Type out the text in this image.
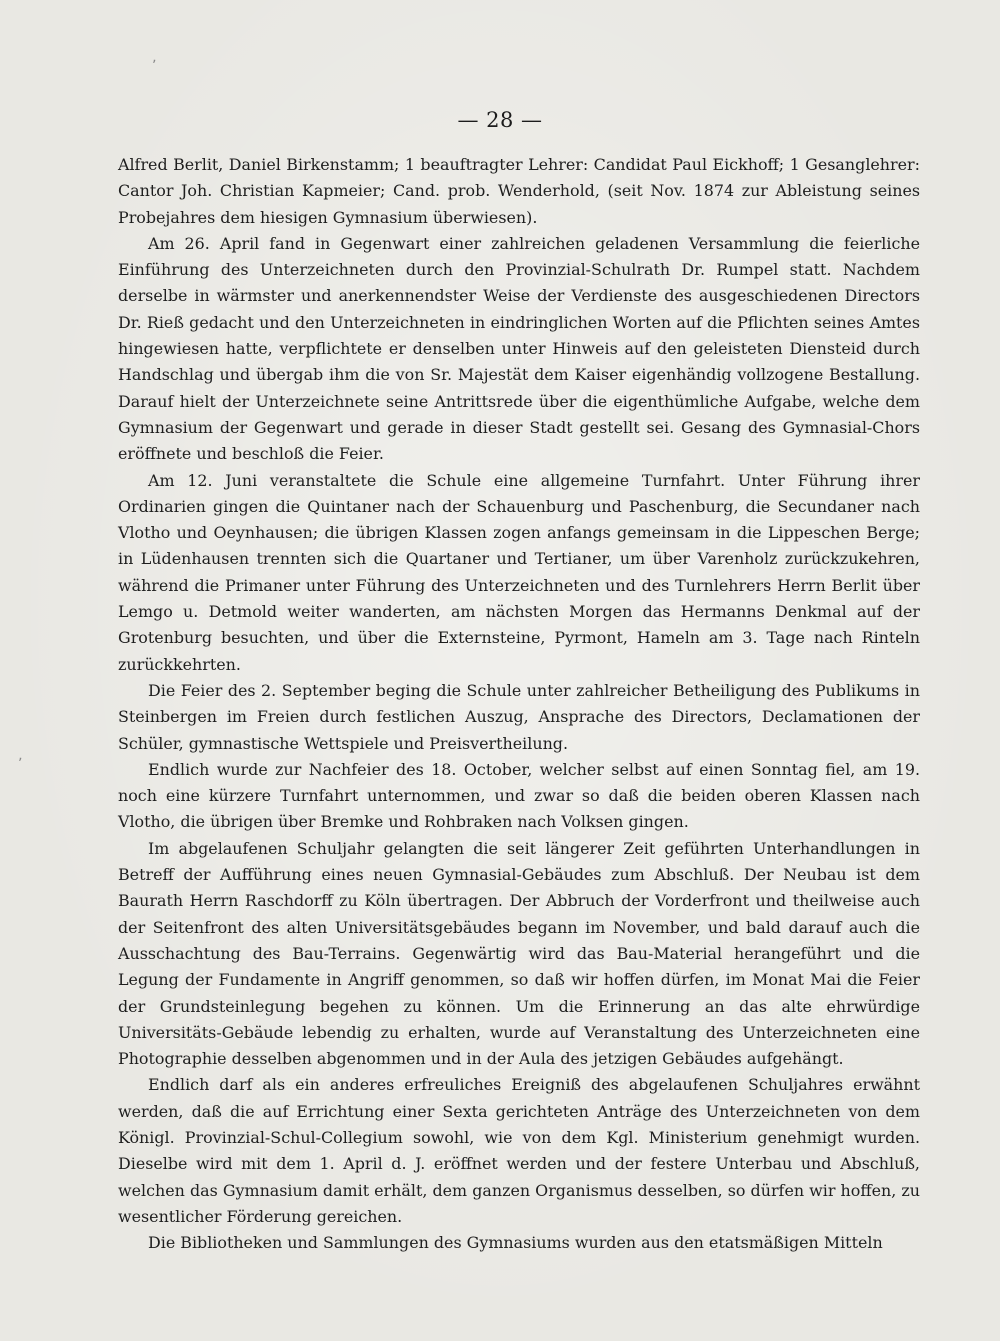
ʼ
ʼ
— 28 —

Alfred Berlit, Daniel Birkenstamm; 1 beauftragter Lehrer: Candidat Paul Eickhoff; 1 Gesanglehrer: Cantor Joh. Christian Kapmeier; Cand. prob. Wenderhold, (seit Nov. 1874 zur Ableistung seines Probejahres dem hiesigen Gymnasium überwiesen).

Am 26. April fand in Gegenwart einer zahlreichen geladenen Versammlung die feierliche Einführung des Unterzeichneten durch den Provinzial-Schulrath Dr. Rumpel statt. Nachdem derselbe in wärmster und anerkennendster Weise der Verdienste des ausgeschiedenen Directors Dr. Rieß gedacht und den Unterzeichneten in eindringlichen Worten auf die Pflichten seines Amtes hingewiesen hatte, verpflichtete er denselben unter Hinweis auf den geleisteten Diensteid durch Handschlag und übergab ihm die von Sr. Majestät dem Kaiser eigenhändig vollzogene Bestallung. Darauf hielt der Unterzeichnete seine Antrittsrede über die eigenthümliche Aufgabe, welche dem Gymnasium der Gegenwart und gerade in dieser Stadt gestellt sei. Gesang des Gymnasial-Chors eröffnete und beschloß die Feier.

Am 12. Juni veranstaltete die Schule eine allgemeine Turnfahrt. Unter Führung ihrer Ordinarien gingen die Quintaner nach der Schauenburg und Paschenburg, die Secundaner nach Vlotho und Oeynhausen; die übrigen Klassen zogen anfangs gemeinsam in die Lippeschen Berge; in Lüdenhausen trennten sich die Quartaner und Tertianer, um über Varenholz zurückzukehren, während die Primaner unter Führung des Unterzeichneten und des Turnlehrers Herrn Berlit über Lemgo u. Detmold weiter wanderten, am nächsten Morgen das Hermanns Denkmal auf der Grotenburg besuchten, und über die Externsteine, Pyrmont, Hameln am 3. Tage nach Rinteln zurückkehrten.

Die Feier des 2. September beging die Schule unter zahlreicher Betheiligung des Publikums in Steinbergen im Freien durch festlichen Auszug, Ansprache des Directors, Declamationen der Schüler, gymnastische Wettspiele und Preisvertheilung.

Endlich wurde zur Nachfeier des 18. October, welcher selbst auf einen Sonntag fiel, am 19. noch eine kürzere Turnfahrt unternommen, und zwar so daß die beiden oberen Klassen nach Vlotho, die übrigen über Bremke und Rohbraken nach Volksen gingen.

Im abgelaufenen Schuljahr gelangten die seit längerer Zeit geführten Unterhandlungen in Betreff der Aufführung eines neuen Gymnasial-Gebäudes zum Abschluß. Der Neubau ist dem Baurath Herrn Raschdorff zu Köln übertragen. Der Abbruch der Vorderfront und theilweise auch der Seitenfront des alten Universitätsgebäudes begann im November, und bald darauf auch die Ausschachtung des Bau-Terrains. Gegenwärtig wird das Bau-Material herangeführt und die Legung der Fundamente in Angriff genommen, so daß wir hoffen dürfen, im Monat Mai die Feier der Grundsteinlegung begehen zu können. Um die Erinnerung an das alte ehrwürdige Universitäts-Gebäude lebendig zu erhalten, wurde auf Veranstaltung des Unterzeichneten eine Photographie desselben abgenommen und in der Aula des jetzigen Gebäudes aufgehängt.

Endlich darf als ein anderes erfreuliches Ereigniß des abgelaufenen Schuljahres erwähnt werden, daß die auf Errichtung einer Sexta gerichteten Anträge des Unterzeichneten von dem Königl. Provinzial-Schul-Collegium sowohl, wie von dem Kgl. Ministerium genehmigt wurden. Dieselbe wird mit dem 1. April d. J. eröffnet werden und der festere Unterbau und Abschluß, welchen das Gymnasium damit erhält, dem ganzen Organismus desselben, so dürfen wir hoffen, zu wesentlicher Förderung gereichen.

Die Bibliotheken und Sammlungen des Gymnasiums wurden aus den etatsmäßigen Mitteln
